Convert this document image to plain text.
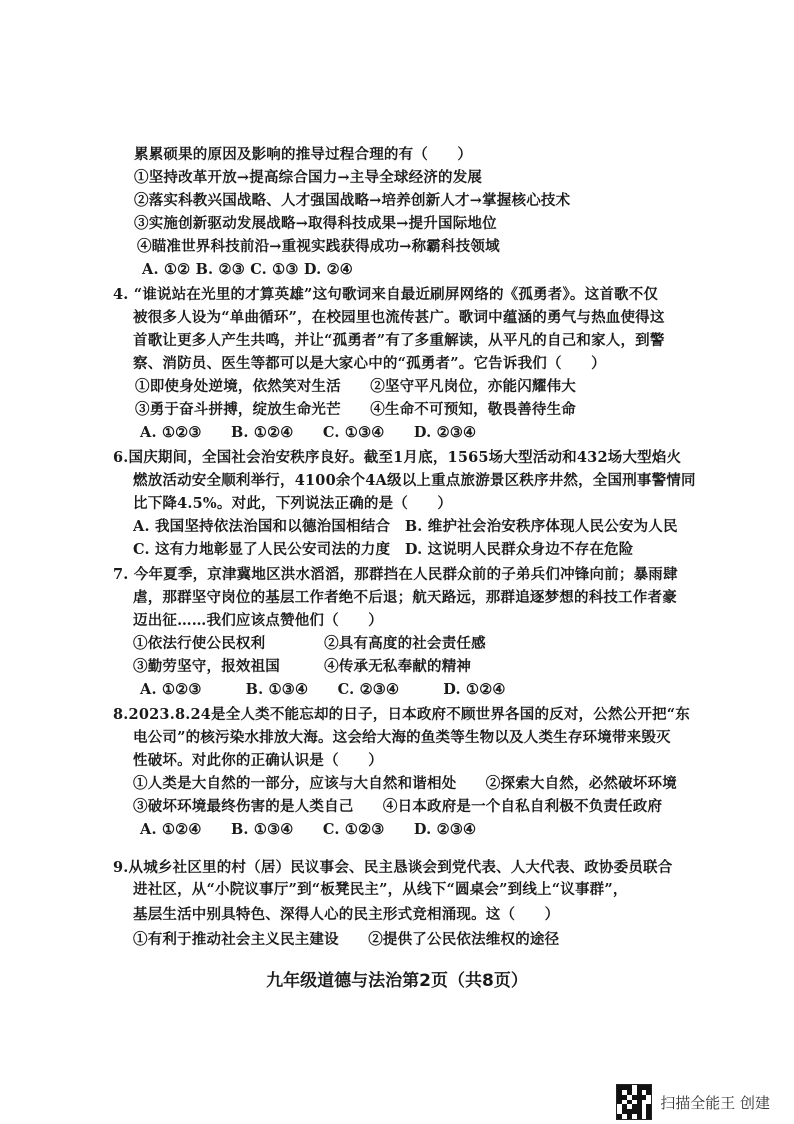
累累硕果的原因及影响的推导过程合理的有（　　）
①坚持改革开放→提高综合国力→主导全球经济的发展
②落实科教兴国战略、人才强国战略→培养创新人才→掌握核心技术
③实施创新驱动发展战略→取得科技成果→提升国际地位
④瞄准世界科技前沿→重视实践获得成功→称霸科技领域
A. ①② B. ②③ C. ①③ D. ②④
4. “谁说站在光里的才算英雄”这句歌词来自最近刷屏网络的《孤勇者》。这首歌不仅
被很多人设为“单曲循环”，在校园里也流传甚广。歌词中蕴涵的勇气与热血使得这
首歌让更多人产生共鸣，并让“孤勇者”有了多重解读，从平凡的自己和家人，到警
察、消防员、医生等都可以是大家心中的“孤勇者”。它告诉我们（　　）
①即使身处逆境，依然笑对生活　　②坚守平凡岗位，亦能闪耀伟大
③勇于奋斗拼搏，绽放生命光芒　　④生命不可预知，敬畏善待生命
A. ①②③　　B. ①②④　　C. ①③④　　D. ②③④
6.国庆期间，全国社会治安秩序良好。截至1月底，1565场大型活动和432场大型焰火
燃放活动安全顺利举行，4100余个4A级以上重点旅游景区秩序井然，全国刑事警情同
比下降4.5%。对此，下列说法正确的是（　　）
A. 我国坚持依法治国和以德治国相结合　B. 维护社会治安秩序体现人民公安为人民
C. 这有力地彰显了人民公安司法的力度　D. 这说明人民群众身边不存在危险
7. 今年夏季，京津冀地区洪水滔滔，那群挡在人民群众前的子弟兵们冲锋向前；暴雨肆
虐，那群坚守岗位的基层工作者绝不后退；航天路远，那群追逐梦想的科技工作者豪
迈出征……我们应该点赞他们（　　）
①依法行使公民权利　　　　②具有高度的社会责任感
③勤劳坚守，报效祖国　　　④传承无私奉献的精神
A. ①②③　　　B. ①③④　　C. ②③④　　　D. ①②④
8.2023.8.24是全人类不能忘却的日子，日本政府不顾世界各国的反对，公然公开把“东
电公司”的核污染水排放大海。这会给大海的鱼类等生物以及人类生存环境带来毁灭
性破坏。对此你的正确认识是（　　）
①人类是大自然的一部分，应该与大自然和谐相处　　②探索大自然，必然破坏环境
③破坏环境最终伤害的是人类自己　　④日本政府是一个自私自利极不负责任政府
A. ①②④　　B. ①③④　　C. ①②③　　D. ②③④
9.从城乡社区里的村（居）民议事会、民主恳谈会到党代表、人大代表、政协委员联合
进社区，从“小院议事厅”到“板凳民主”，从线下“圆桌会”到线上“议事群”，
基层生活中别具特色、深得人心的民主形式竞相涌现。这（　　）
①有利于推动社会主义民主建设　　②提供了公民依法维权的途径
九年级道德与法治第2页（共8页）
扫描全能王 创建
